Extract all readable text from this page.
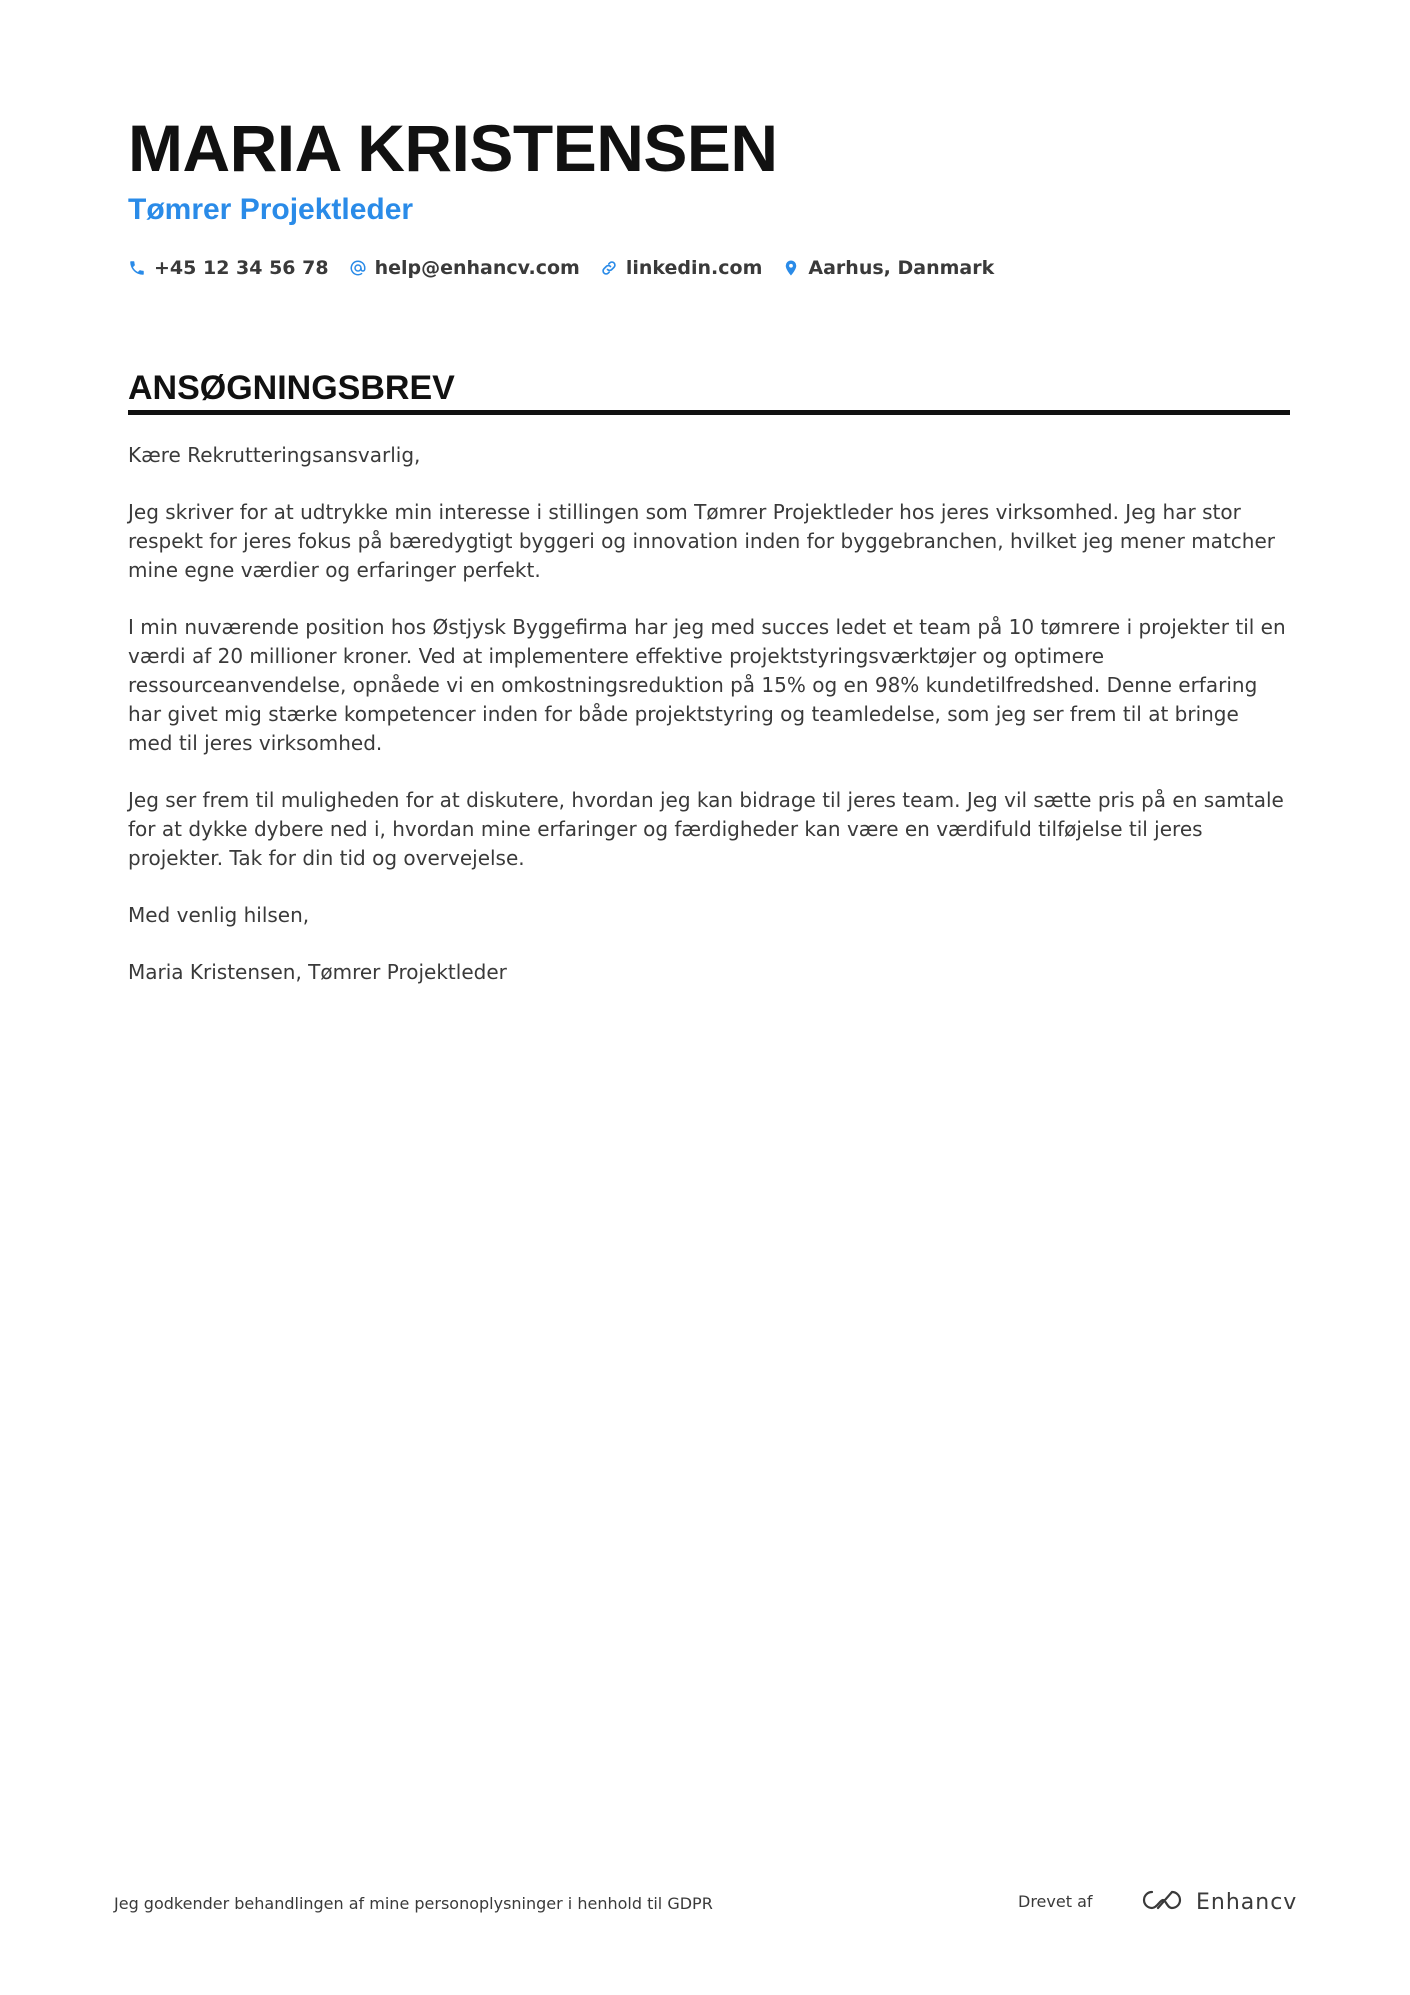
MARIA KRISTENSEN
Tømrer Projektleder
+45 12 34 56 78 help@enhancv.com linkedin.com Aarhus, Danmark
ANSØGNINGSBREV

Kære Rekrutteringsansvarlig,

Jeg skriver for at udtrykke min interesse i stillingen som Tømrer Projektleder hos jeres virksomhed. Jeg har stor respekt for jeres fokus på bæredygtigt byggeri og innovation inden for byggebranchen, hvilket jeg mener matcher mine egne værdier og erfaringer perfekt.

I min nuværende position hos Østjysk Byggefirma har jeg med succes ledet et team på 10 tømrere i projekter til en værdi af 20 millioner kroner. Ved at implementere effektive projektstyringsværktøjer og optimere ressourceanvendelse, opnåede vi en omkostningsreduktion på 15% og en 98% kundetilfredshed. Denne erfaring har givet mig stærke kompetencer inden for både projektstyring og teamledelse, som jeg ser frem til at bringe med til jeres virksomhed.

Jeg ser frem til muligheden for at diskutere, hvordan jeg kan bidrage til jeres team. Jeg vil sætte pris på en samtale for at dykke dybere ned i, hvordan mine erfaringer og færdigheder kan være en værdifuld tilføjelse til jeres projekter. Tak for din tid og overvejelse.

Med venlig hilsen,

Maria Kristensen, Tømrer Projektleder

Jeg godkender behandlingen af mine personoplysninger i henhold til GDPR	Drevet af	Enhancv
